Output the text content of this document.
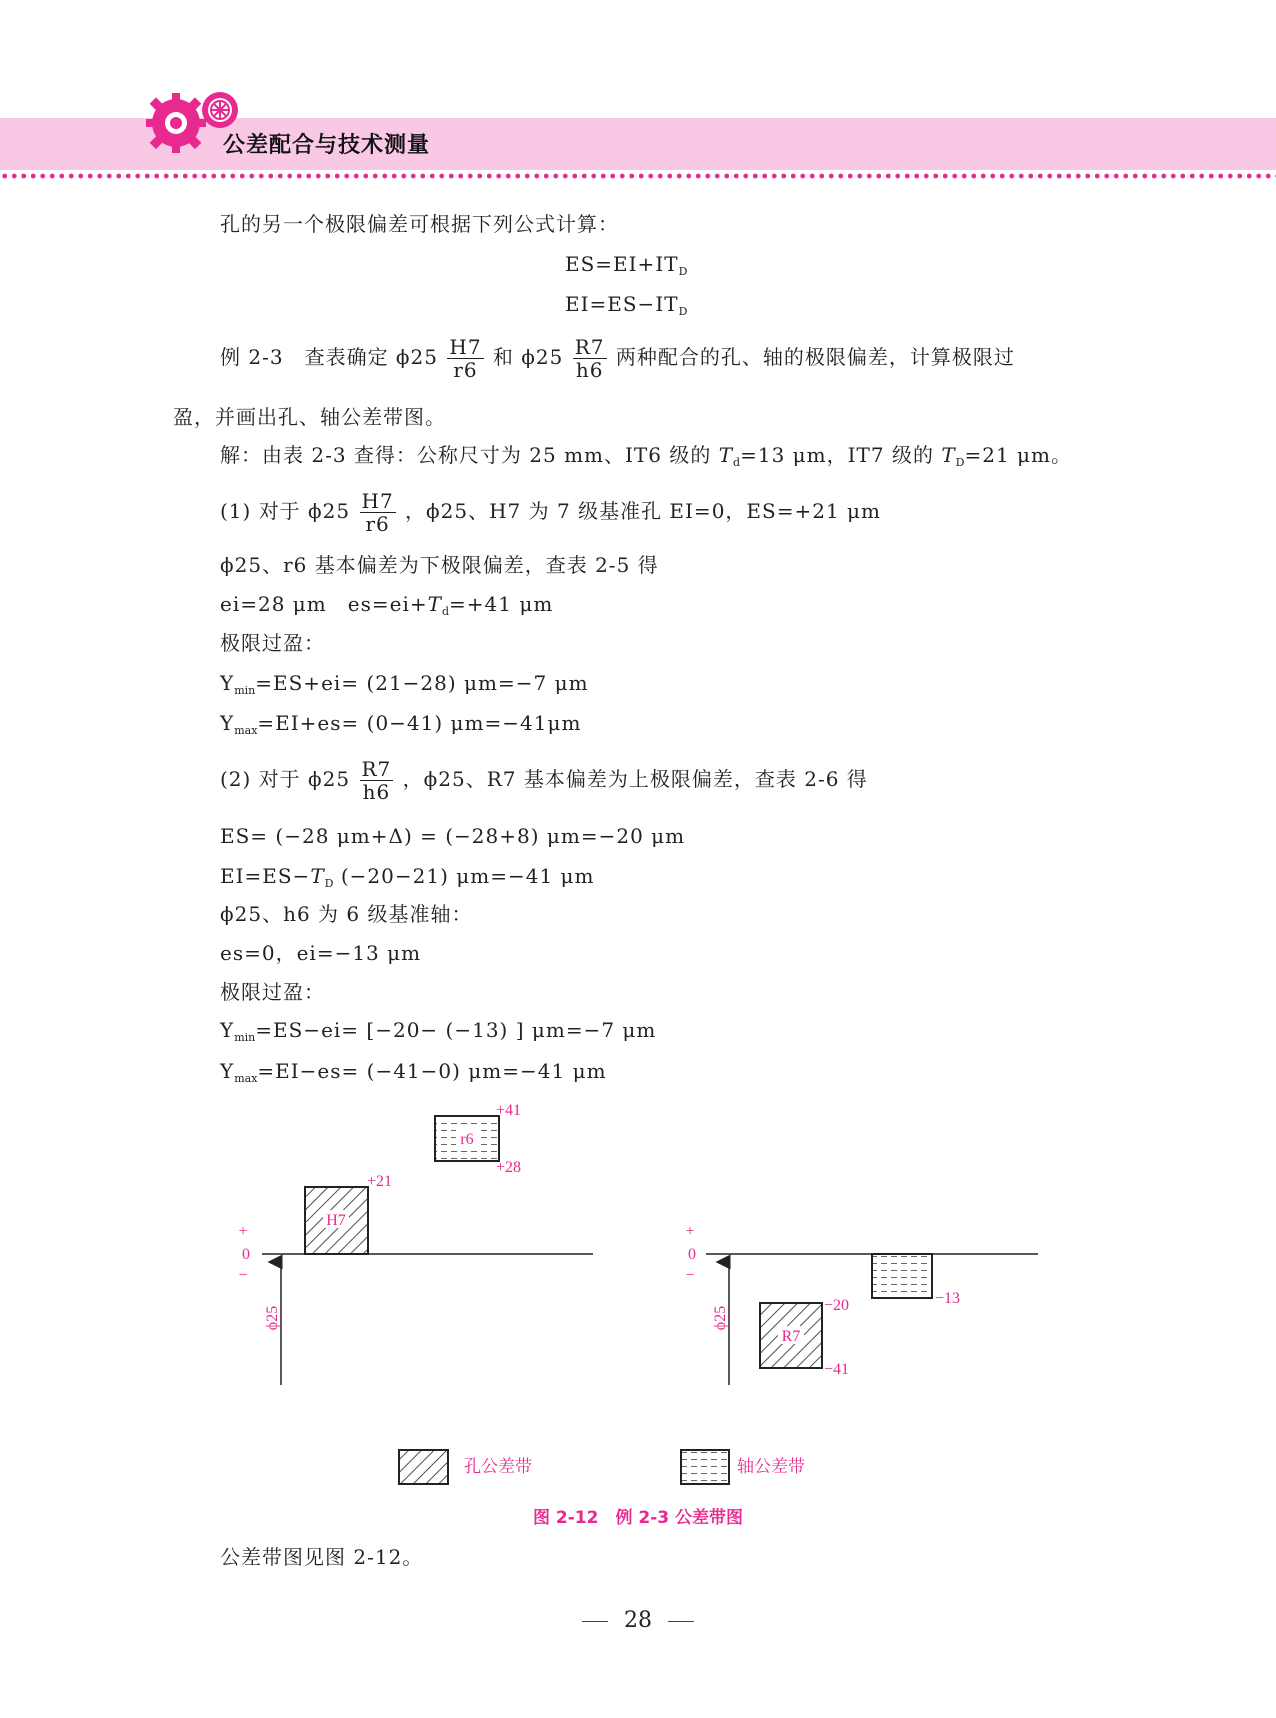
公差配合与技术测量
孔的另一个极限偏差可根据下列公式计算：
$ES=EI+IT_D$
$EI=ES-IT_D$
例 2-3　查表确定 $\phi 25 \frac{H7}{r6}$ 和 $\phi 25 \frac{R7}{h6}$ 两种配合的孔、轴的极限偏差，计算极限过
盈，并画出孔、轴公差带图。
解：由表 2-3 查得：公称尺寸为 25 mm、IT6 级的 $T_d=13$ μm，IT7 级的 $T_D=21$ μm。
(1) 对于 $\phi 25 \frac{H7}{r6}$ ，ϕ25、H7 为 7 级基准孔 EI=0，ES=+21 μm
ϕ25、r6 基本偏差为下极限偏差，查表 2-5 得
ei=28 μm　$es=ei+T_d=+41$ μm
极限过盈：
$Y_{min}=ES+ei= (21-28)$ μm=−7 μm
$Y_{max}=EI+es= (0-41)$ μm=−41μm
(2) 对于 $\phi 25 \frac{R7}{h6}$ ，ϕ25、R7 基本偏差为上极限偏差，查表 2-6 得
ES= (−28 μm+Δ) = (−28+8) μm=−20 μm
$EI=ES-T_D$ (−20−21) μm=−41 μm
ϕ25、h6 为 6 级基准轴：
es=0，ei=−13 μm
极限过盈：
$Y_{min}=ES-ei= [-20- (-13)$ ] μm=−7 μm
$Y_{max}=EI-es= (-41-0)$ μm=−41 μm
+
0
−
ϕ25
H7
+21
r6
+41
+28
+
0
−
ϕ25
−13
R7
−20
−41
孔公差带	轴公差带
图 2-12　例 2-3 公差带图
公差带图见图 2-12。
28
